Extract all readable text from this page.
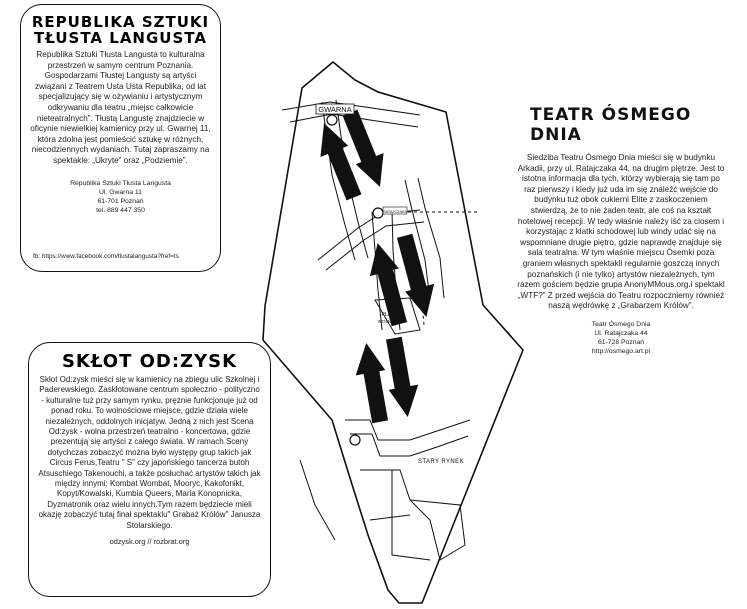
GWARNA
RATAJCZAKA
PLAC
WOLNOŚCI
STARY RYNEK
REPUBLIKA SZTUKI
TŁUSTA LANGUSTA
Republika Sztuki Tłusta Langusta to kulturalna przestrzeń w samym centrum Poznania. Gospodarzami Tłustej Langusty są artyści związani z Teatrem Usta Usta Republika, od lat specjalizujący się w ożywianiu i artystycznym odkrywaniu dla teatru „miejsc całkowicie nieteatralnych”. Tłustą Langustę znajdziecie w oficynie niewielkiej kamienicy przy ul. Gwarnej 11, która zdolna jest pomieścić sztukę w różnych, niecodziennych wydaniach. Tutaj zapraszamy na spektakle: „Ukryte” oraz „Podziemie”.
Republika Sztuki Tłusta Langusta
Ul. Gwarna 11
61-701 Poznań
tel. 889 447 350
fb: https://www.facebook.com/tlustalangusta?fref=ts
TEATR ÓSMEGO DNIA
Siedziba Teatru Ósmego Dnia mieści się w budynku Arkadii, przy ul. Ratajczaka 44, na drugim piętrze. Jest to istotna informacja dla tych, którzy wybierają się tam po raz pierwszy i kiedy już uda im się znaleźć wejście do budynku tuż obok cukierni Elite z zaskoczeniem stwierdzą, że to nie żaden teatr, ale coś na kształt hotelowej recepcji. W tedy właśnie należy iść za ciosem i korzystając z klatki schodowej lub windy udać się na wspomniane drugie piętro, gdzie naprawdę znajduje się sala teatralna. W tym właśnie miejscu Ósemki poza graniem własnych spektakli regularnie goszczą innych poznańskich (i nie tylko) artystów niezależnych, tym razem gościem będzie grupa AnonyMMous.org.i spektakl „WTF?” Z przed wejścia do Teatru rozpoczniemy również naszą wędrówkę z „Grabarzem Królów”.
Teatr Ósmego Dnia
Ul. Ratajczaka 44
61-728 Poznań
http://osmego.art.pl
SKŁOT OD:ZYSK
Skłot Od:zysk mieści się w kamienicy na zbiegu ulic Szkolnej i Paderewskiego. Zaskłotowane centrum społeczno - polityczno - kulturalne tuż przy samym rynku, prężnie funkcjonuje już od ponad roku. To wolnościowe miejsce, gdzie działa wiele niezależnych, oddolnych inicjatyw. Jedną z nich jest Scena Od:zysk - wolna przestrzeń teatralno - koncertowa, gdzie prezentują się artyści z całego świata. W ramach Sceny dotychczas zobaczyć można było występy grup takich jak Circus Ferus,Teatru " S" czy japońskiego tancerza butoh Atsuschiego Takenouchi, a także posłuchać artystów takich jak między innymi: Kombat Wombat, Mooryc, Kakofonikt, Kopyt/Kowalski, Kumbia Queers, Maria Konopnicka, Dyzmatronik oraz wielu innych.Tym razem będziecie mieli okazję zobaczyć tutaj finał spektaklu" Grabaż Królów" Janusza Stolarskiego.
odzysk.org // rozbrat.org
